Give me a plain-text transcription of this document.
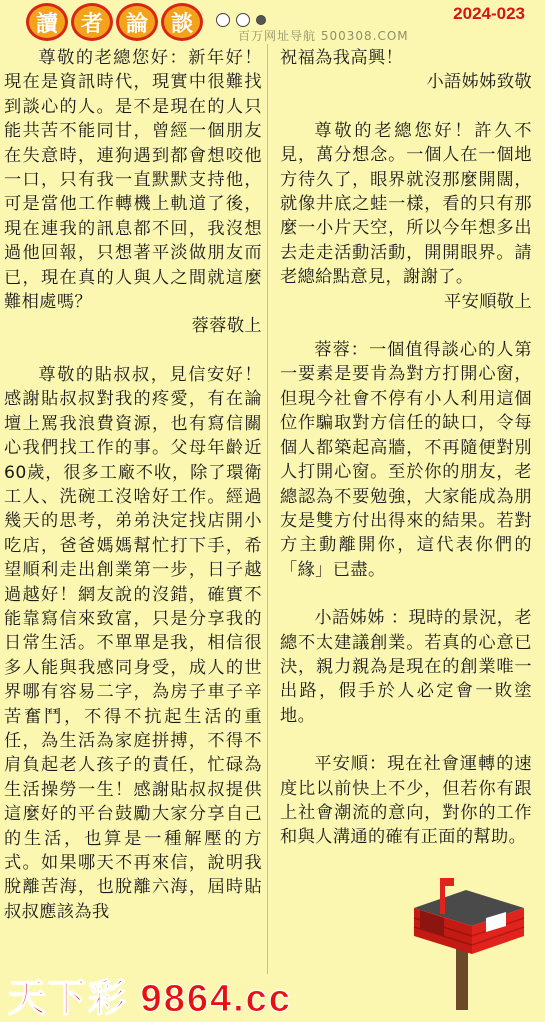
讀	者	論	談	2024-023
百万网址导航 500308.COM

尊敬的老總您好：新年好！現在是資訊時代，現實中很難找到談心的人。是不是現在的人只能共苦不能同甘，曾經一個朋友在失意時，連狗遇到都會想咬他一口，只有我一直默默支持他，可是當他工作轉機上軌道了後，現在連我的訊息都不回，我沒想過他回報，只想著平淡做朋友而已，現在真的人與人之間就這麼難相處嗎？

蓉蓉敬上

尊敬的貼叔叔，見信安好！感謝貼叔叔對我的疼愛，有在論壇上罵我浪費資源，也有寫信關心我們找工作的事。父母年齡近60歲，很多工廠不收，除了環衛工人、洗碗工沒啥好工作。經過幾天的思考，弟弟決定找店開小吃店，爸爸媽媽幫忙打下手，希望順利走出創業第一步，日子越過越好！網友說的沒錯，確實不能靠寫信來致富，只是分享我的日常生活。不單單是我，相信很多人能與我感同身受，成人的世界哪有容易二字，為房子車子辛苦奮鬥，不得不抗起生活的重任，為生活為家庭拼搏，不得不肩負起老人孩子的責任，忙碌為生活操勞一生！感謝貼叔叔提供這麼好的平台鼓勵大家分享自己的生活，也算是一種解壓的方式。如果哪天不再來信，說明我脫離苦海，也脫離六海，屆時貼叔叔應該為我

祝福為我高興！

小語姊姊致敬

尊敬的老總您好！許久不見，萬分想念。一個人在一個地方待久了，眼界就沒那麼開闊，就像井底之蛙一樣，看的只有那麼一小片天空，所以今年想多出去走走活動活動，開開眼界。請老總給點意見，謝謝了。

平安順敬上

蓉蓉：一個值得談心的人第一要素是要肯為對方打開心窗，但現今社會不停有小人利用這個位作騙取對方信任的缺口，令每個人都築起高牆，不再隨便對別人打開心窗。至於你的朋友，老總認為不要勉強，大家能成為朋友是雙方付出得來的結果。若對方主動離開你，這代表你們的「緣」已盡。

小語姊姊 ：現時的景況，老總不太建議創業。若真的心意已決，親力親為是現在的創業唯一出路，假手於人必定會一敗塗地。

平安順：現在社會運轉的速度比以前快上不少，但若你有跟上社會潮流的意向，對你的工作和與人溝通的確有正面的幫助。

天下彩 9864.cc
